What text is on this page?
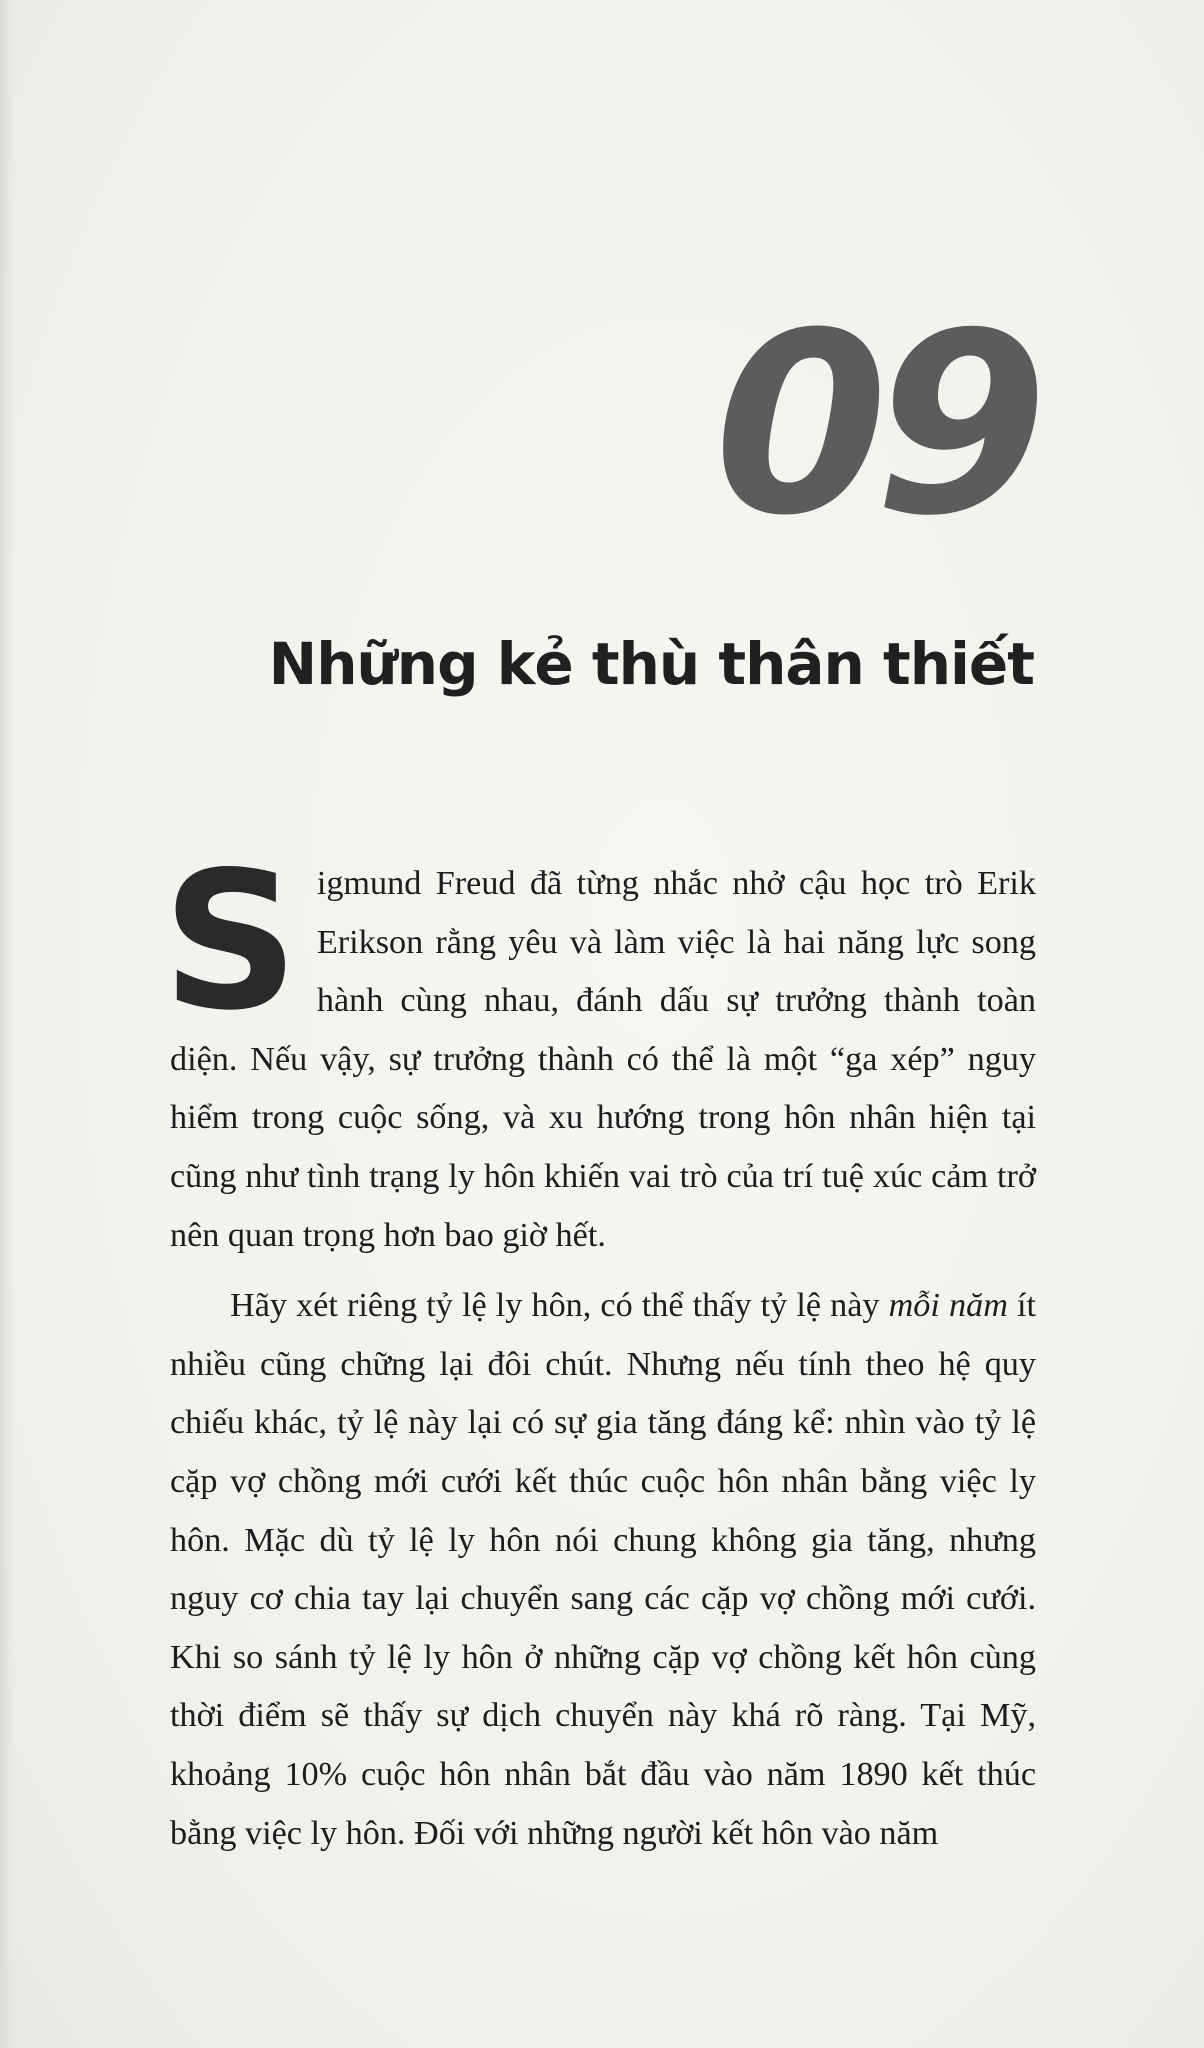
09
Những kẻ thù thân thiết

Sigmund Freud đã từng nhắc nhở cậu học trò Erik Erikson rằng yêu và làm việc là hai năng lực song hành cùng nhau, đánh dấu sự trưởng thành toàn diện. Nếu vậy, sự trưởng thành có thể là một “ga xép” nguy hiểm trong cuộc sống, và xu hướng trong hôn nhân hiện tại cũng như tình trạng ly hôn khiến vai trò của trí tuệ xúc cảm trở nên quan trọng hơn bao giờ hết.

Hãy xét riêng tỷ lệ ly hôn, có thể thấy tỷ lệ này mỗi năm ít nhiều cũng chững lại đôi chút. Nhưng nếu tính theo hệ quy chiếu khác, tỷ lệ này lại có sự gia tăng đáng kể: nhìn vào tỷ lệ cặp vợ chồng mới cưới kết thúc cuộc hôn nhân bằng việc ly hôn. Mặc dù tỷ lệ ly hôn nói chung không gia tăng, nhưng nguy cơ chia tay lại chuyển sang các cặp vợ chồng mới cưới. Khi so sánh tỷ lệ ly hôn ở những cặp vợ chồng kết hôn cùng thời điểm sẽ thấy sự dịch chuyển này khá rõ ràng. Tại Mỹ, khoảng 10% cuộc hôn nhân bắt đầu vào năm 1890 kết thúc bằng việc ly hôn. Đối với những người kết hôn vào năm
